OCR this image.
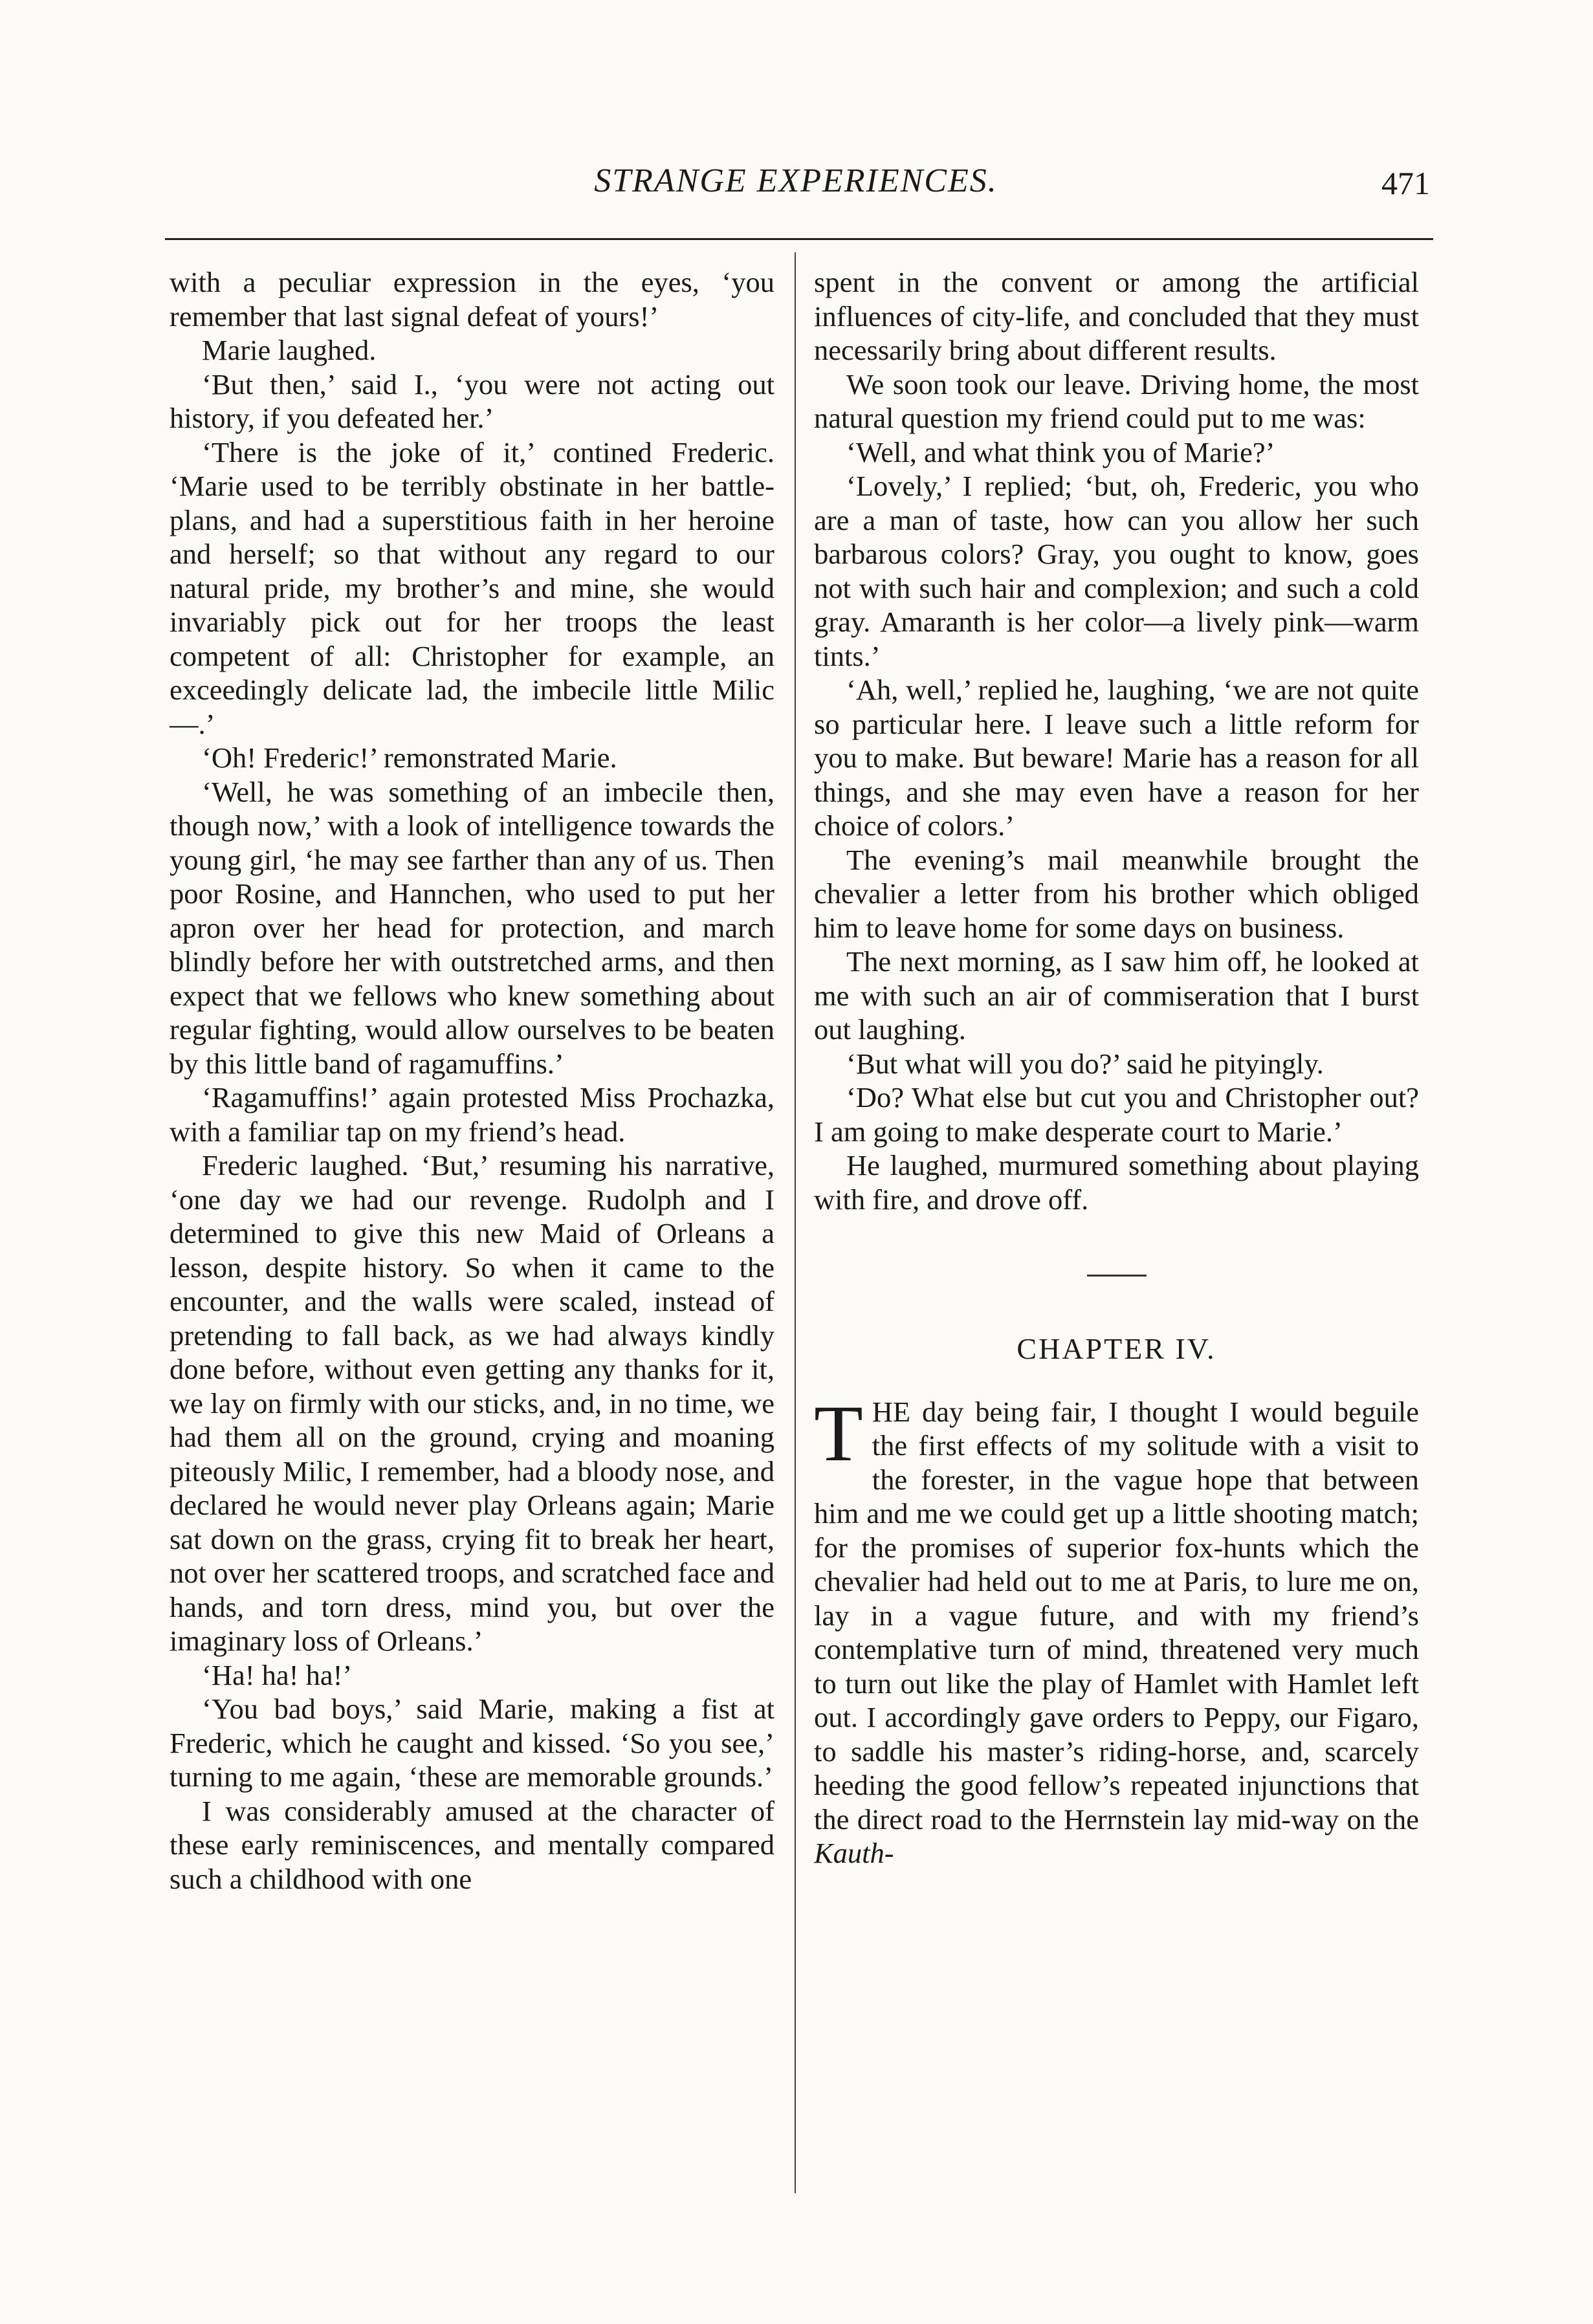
STRANGE EXPERIENCES.	471

with a peculiar expression in the eyes, ‘you remember that last signal defeat of yours!’

Marie laughed.

‘But then,’ said I., ‘you were not acting out history, if you defeated her.’

‘There is the joke of it,’ contined Frederic. ‘Marie used to be terribly obstinate in her battle-plans, and had a superstitious faith in her heroine and herself; so that without any regard to our natural pride, my brother’s and mine, she would invariably pick out for her troops the least competent of all: Christopher for example, an exceedingly delicate lad, the imbecile little Milic—.’

‘Oh! Frederic!’ remonstrated Marie.

‘Well, he was something of an imbecile then, though now,’ with a look of intelligence towards the young girl, ‘he may see farther than any of us. Then poor Rosine, and Hannchen, who used to put her apron over her head for protection, and march blindly before her with outstretched arms, and then expect that we fellows who knew something about regular fighting, would allow ourselves to be beaten by this little band of ragamuffins.’

‘Ragamuffins!’ again protested Miss Prochazka, with a familiar tap on my friend’s head.

Frederic laughed. ‘But,’ resuming his narrative, ‘one day we had our revenge. Rudolph and I determined to give this new Maid of Orleans a lesson, despite history. So when it came to the encounter, and the walls were scaled, instead of pretending to fall back, as we had always kindly done before, without even getting any thanks for it, we lay on firmly with our sticks, and, in no time, we had them all on the ground, crying and moaning piteously Milic, I remember, had a bloody nose, and declared he would never play Orleans again; Marie sat down on the grass, crying fit to break her heart, not over her scattered troops, and scratched face and hands, and torn dress, mind you, but over the imaginary loss of Orleans.’

‘Ha! ha! ha!’

‘You bad boys,’ said Marie, making a fist at Frederic, which he caught and kissed. ‘So you see,’ turning to me again, ‘these are memorable grounds.’

I was considerably amused at the character of these early reminiscences, and mentally compared such a childhood with one

spent in the convent or among the artificial influences of city-life, and concluded that they must necessarily bring about different results.

We soon took our leave. Driving home, the most natural question my friend could put to me was:

‘Well, and what think you of Marie?’

‘Lovely,’ I replied; ‘but, oh, Frederic, you who are a man of taste, how can you allow her such barbarous colors? Gray, you ought to know, goes not with such hair and complexion; and such a cold gray. Amaranth is her color—a lively pink—warm tints.’

‘Ah, well,’ replied he, laughing, ‘we are not quite so particular here. I leave such a little reform for you to make. But beware! Marie has a reason for all things, and she may even have a reason for her choice of colors.’

The evening’s mail meanwhile brought the chevalier a letter from his brother which obliged him to leave home for some days on business.

The next morning, as I saw him off, he looked at me with such an air of commiseration that I burst out laughing.

‘But what will you do?’ said he pityingly.

‘Do? What else but cut you and Christopher out? I am going to make desperate court to Marie.’

He laughed, murmured something about playing with fire, and drove off.

CHAPTER IV.

THE day being fair, I thought I would beguile the first effects of my solitude with a visit to the forester, in the vague hope that between him and me we could get up a little shooting match; for the promises of superior fox-hunts which the chevalier had held out to me at Paris, to lure me on, lay in a vague future, and with my friend’s contemplative turn of mind, threatened very much to turn out like the play of Hamlet with Hamlet left out. I accordingly gave orders to Peppy, our Figaro, to saddle his master’s riding-horse, and, scarcely heeding the good fellow’s repeated injunctions that the direct road to the Herrnstein lay mid-way on the Kauth-
